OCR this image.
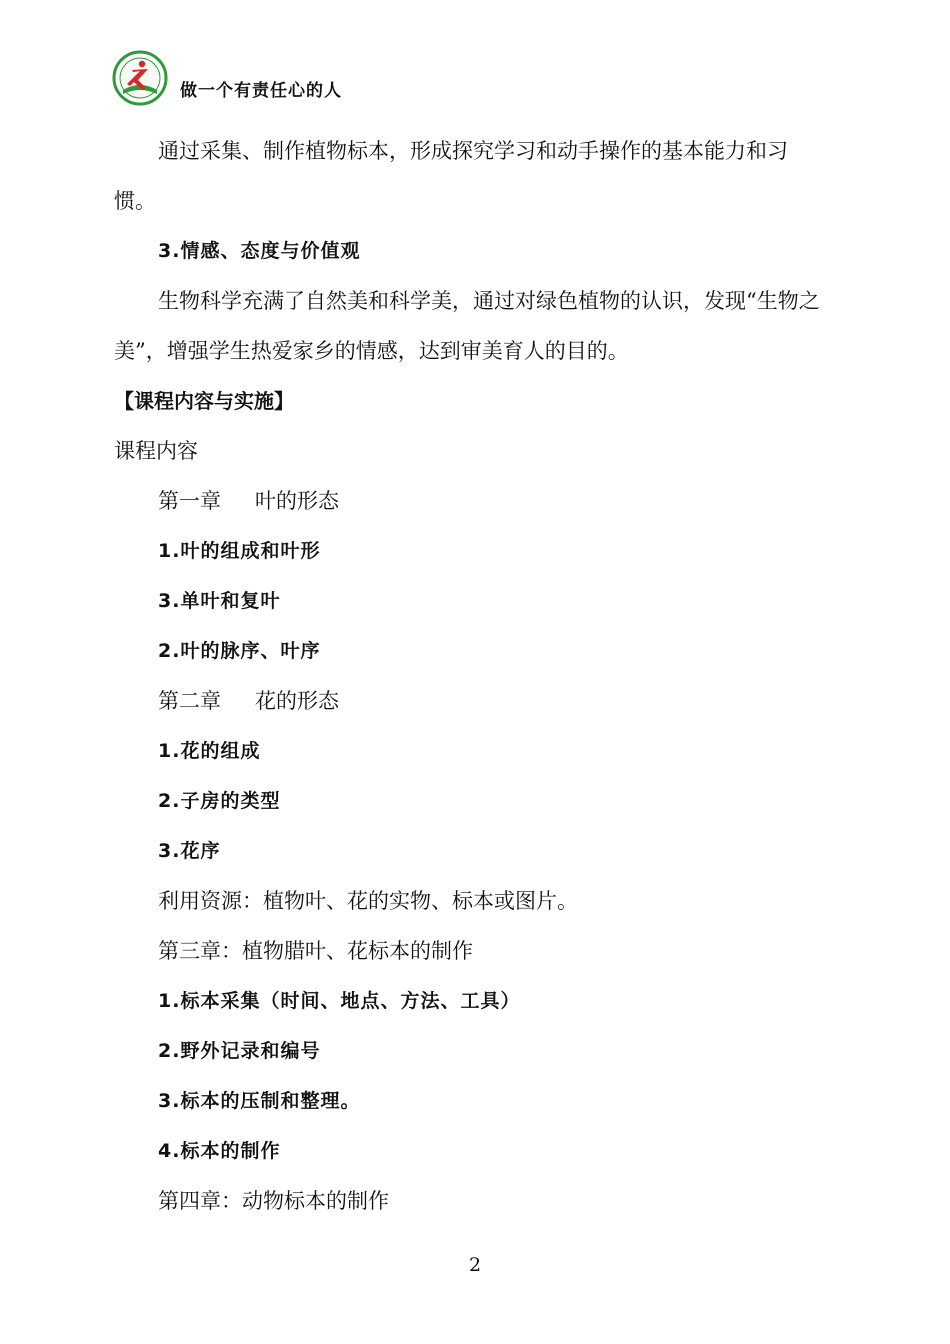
做一个有责任心的人

通过采集、制作植物标本，形成探究学习和动手操作的基本能力和习惯。

3.情感、态度与价值观

生物科学充满了自然美和科学美，通过对绿色植物的认识，发现“生物之美”，增强学生热爱家乡的情感，达到审美育人的目的。

【课程内容与实施】

课程内容

第一章 叶的形态

1.叶的组成和叶形

3.单叶和复叶

2.叶的脉序、叶序

第二章 花的形态

1.花的组成

2.子房的类型

3.花序

利用资源：植物叶、花的实物、标本或图片。

第三章：植物腊叶、花标本的制作

1.标本采集（时间、地点、方法、工具）

2.野外记录和编号

3.标本的压制和整理。

4.标本的制作

第四章：动物标本的制作

2
